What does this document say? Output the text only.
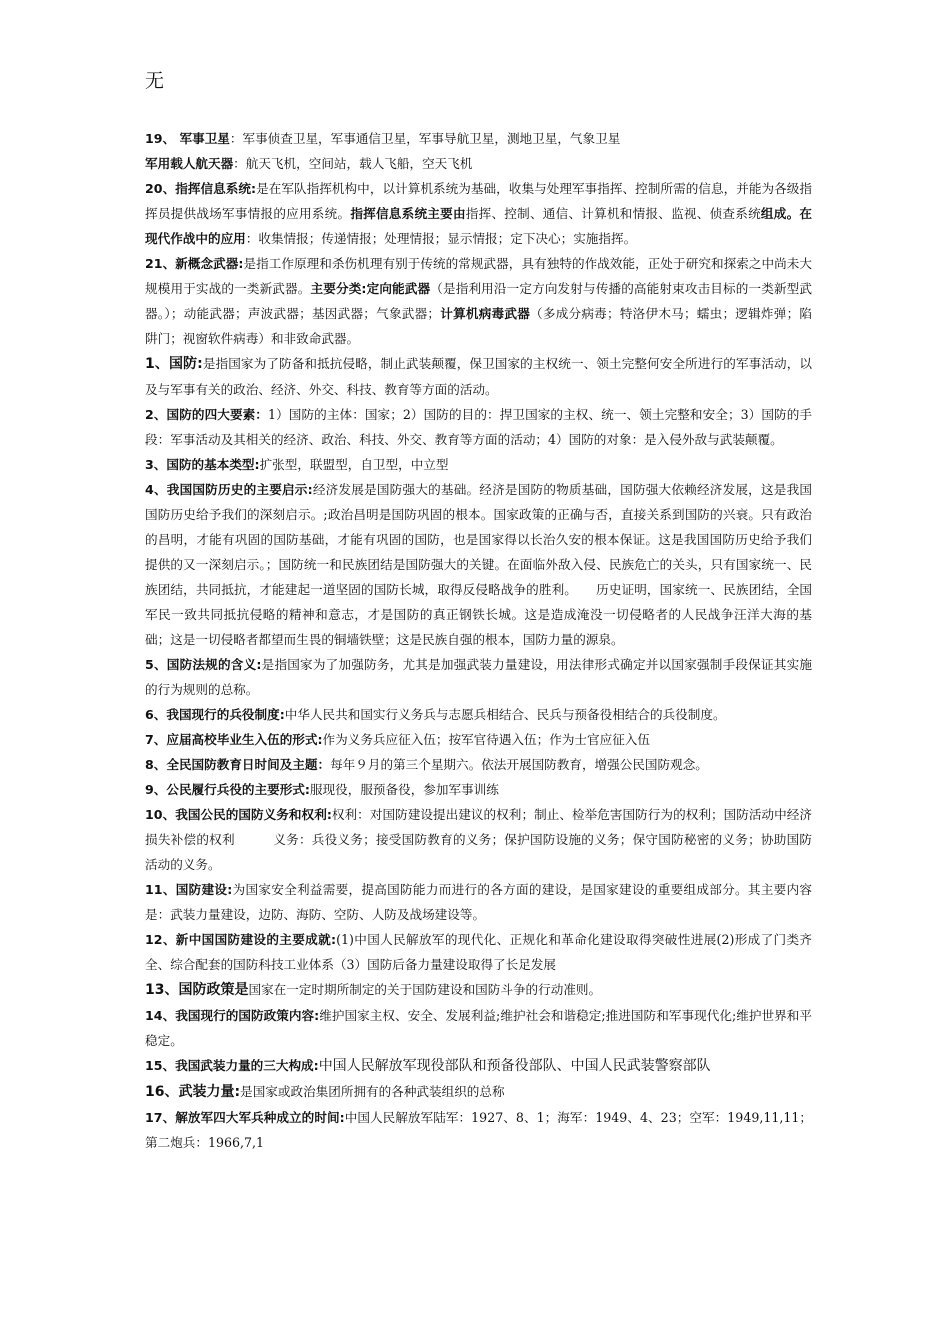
无

19、 军事卫星：军事侦查卫星，军事通信卫星，军事导航卫星，测地卫星，气象卫星

军用载人航天器：航天飞机，空间站，载人飞船，空天飞机

20、指挥信息系统:是在军队指挥机构中，以计算机系统为基础，收集与处理军事指挥、控制所需的信息，并能为各级指挥员提供战场军事情报的应用系统。指挥信息系统主要由指挥、控制、通信、计算机和情报、监视、侦查系统组成。在现代作战中的应用：收集情报；传递情报；处理情报；显示情报；定下决心；实施指挥。

21、新概念武器:是指工作原理和杀伤机理有别于传统的常规武器，具有独特的作战效能，正处于研究和探索之中尚未大规模用于实战的一类新武器。主要分类:定向能武器（是指利用沿一定方向发射与传播的高能射束攻击目标的一类新型武器。）；动能武器；声波武器；基因武器；气象武器；计算机病毒武器（多成分病毒；特洛伊木马；蠕虫；逻辑炸弹；陷阱门；视窗软件病毒）和非致命武器。

1、国防:是指国家为了防备和抵抗侵略，制止武装颠覆，保卫国家的主权统一、领土完整何安全所进行的军事活动，以及与军事有关的政治、经济、外交、科技、教育等方面的活动。

2、国防的四大要素：1）国防的主体：国家；2）国防的目的：捍卫国家的主权、统一、领土完整和安全；3）国防的手段：军事活动及其相关的经济、政治、科技、外交、教育等方面的活动；4）国防的对象：是入侵外敌与武装颠覆。

3、国防的基本类型:扩张型，联盟型，自卫型，中立型

4、我国国防历史的主要启示:经济发展是国防强大的基础。经济是国防的物质基础，国防强大依赖经济发展，这是我国国防历史给予我们的深刻启示。;政治昌明是国防巩固的根本。国家政策的正确与否，直接关系到国防的兴衰。只有政治的昌明，才能有巩固的国防基础，才能有巩固的国防，也是国家得以长治久安的根本保证。这是我国国防历史给予我们提供的又一深刻启示。；国防统一和民族团结是国防强大的关键。在面临外敌入侵、民族危亡的关头，只有国家统一、民族团结，共同抵抗，才能建起一道坚固的国防长城，取得反侵略战争的胜利。　　历史证明，国家统一、民族团结，全国军民一致共同抵抗侵略的精神和意志，才是国防的真正钢铁长城。这是造成淹没一切侵略者的人民战争汪洋大海的基础；这是一切侵略者都望而生畏的铜墙铁壁；这是民族自强的根本，国防力量的源泉。

5、国防法规的含义:是指国家为了加强防务，尤其是加强武装力量建设，用法律形式确定并以国家强制手段保证其实施的行为规则的总称。

6、我国现行的兵役制度:中华人民共和国实行义务兵与志愿兵相结合、民兵与预备役相结合的兵役制度。

7、应届高校毕业生入伍的形式:作为义务兵应征入伍；按军官待遇入伍；作为士官应征入伍

8、全民国防教育日时间及主题：每年９月的第三个星期六。依法开展国防教育，增强公民国防观念。

9、公民履行兵役的主要形式:服现役，服预备役，参加军事训练

10、我国公民的国防义务和权利:权利：对国防建设提出建议的权利；制止、检举危害国防行为的权利；国防活动中经济损失补偿的权利　　　义务：兵役义务；接受国防教育的义务；保护国防设施的义务；保守国防秘密的义务；协助国防活动的义务。

11、国防建设:为国家安全利益需要，提高国防能力而进行的各方面的建设，是国家建设的重要组成部分。其主要内容是：武装力量建设，边防、海防、空防、人防及战场建设等。

12、新中国国防建设的主要成就:(1)中国人民解放军的现代化、正规化和革命化建设取得突破性进展(2)形成了门类齐全、综合配套的国防科技工业体系（3）国防后备力量建设取得了长足发展

13、国防政策是国家在一定时期所制定的关于国防建设和国防斗争的行动准则。

14、我国现行的国防政策内容:维护国家主权、安全、发展利益;维护社会和谐稳定;推进国防和军事现代化;维护世界和平稳定。

15、我国武装力量的三大构成:中国人民解放军现役部队和预备役部队、中国人民武装警察部队

16、武装力量:是国家或政治集团所拥有的各种武装组织的总称

17、解放军四大军兵种成立的时间:中国人民解放军陆军：1927、8、1；海军：1949、4、23；空军：1949,11,11；第二炮兵：1966,7,1
